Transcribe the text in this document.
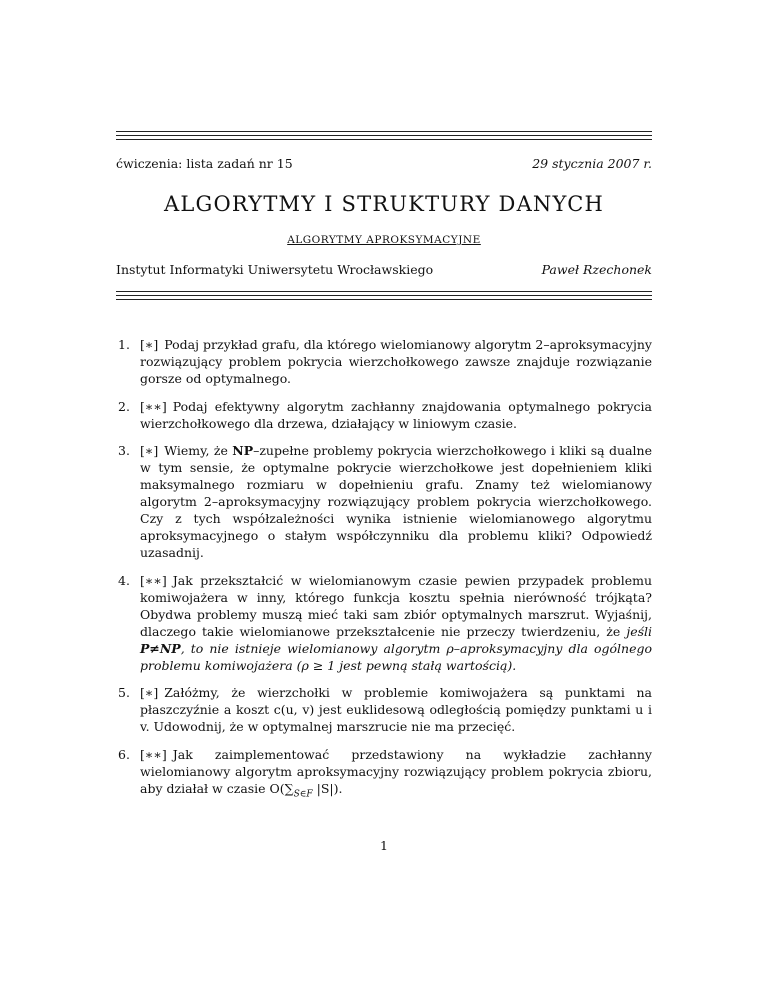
ćwiczenia: lista zadań nr 15	29 stycznia 2007 r.
ALGORYTMY I STRUKTURY DANYCH
ALGORYTMY APROKSYMACYJNE
Instytut Informatyki Uniwersytetu Wrocławskiego	Paweł Rzechonek
1. [∗] Podaj przykład grafu, dla którego wielomianowy algorytm 2–aproksymacyjny rozwiązujący problem pokrycia wierzchołkowego zawsze znajduje rozwiązanie gorsze od optymalnego.
2. [∗∗] Podaj efektywny algorytm zachłanny znajdowania optymalnego pokrycia wierzchołkowego dla drzewa, działający w liniowym czasie.
3. [∗] Wiemy, że NP–zupełne problemy pokrycia wierzchołkowego i kliki są dualne w tym sensie, że optymalne pokrycie wierzchołkowe jest dopełnieniem kliki maksymalnego rozmiaru w dopełnieniu grafu. Znamy też wielomianowy algorytm 2–aproksymacyjny rozwiązujący problem pokrycia wierzchołkowego. Czy z tych współzależności wynika istnienie wielomianowego algorytmu aproksymacyjnego o stałym współczynniku dla problemu kliki? Odpowiedź uzasadnij.
4. [∗∗] Jak przekształcić w wielomianowym czasie pewien przypadek problemu komiwojażera w inny, którego funkcja kosztu spełnia nierówność trójkąta? Obydwa problemy muszą mieć taki sam zbiór optymalnych marszrut. Wyjaśnij, dlaczego takie wielomianowe przekształcenie nie przeczy twierdzeniu, że jeśli P≠NP, to nie istnieje wielomianowy algorytm ρ–aproksymacyjny dla ogólnego problemu komiwojażera (ρ ≥ 1 jest pewną stałą wartością).
5. [∗] Załóżmy, że wierzchołki w problemie komiwojażera są punktami na płaszczyźnie a koszt c(u, v) jest euklidesową odległością pomiędzy punktami u i v. Udowodnij, że w optymalnej marszrucie nie ma przecięć.
6. [∗∗] Jak zaimplementować przedstawiony na wykładzie zachłanny wielomianowy algorytm aproksymacyjny rozwiązujący problem pokrycia zbioru, aby działał w czasie $O(\sum_{S\in F}$ |S|).
1
